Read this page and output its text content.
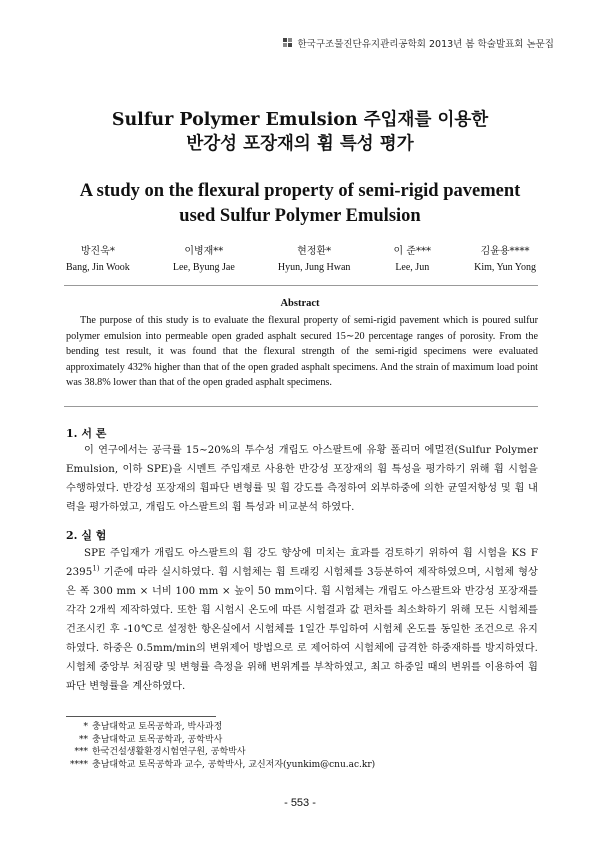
한국구조물진단유지관리공학회 2013년 봄 학술발표회 논문집
Sulfur Polymer Emulsion 주입재를 이용한
반강성 포장재의 휨 특성 평가
A study on the flexural property of semi-rigid pavement
used Sulfur Polymer Emulsion
방진욱*
Bang, Jin Wook
이병재**
Lee, Byung Jae
현정환*
Hyun, Jung Hwan
이 준***
Lee, Jun
김윤용****
Kim, Yun Yong
Abstract

The purpose of this study is to evaluate the flexural property of semi-rigid pavement which is poured sulfur polymer emulsion into permeable open graded asphalt secured 15∼20 percentage ranges of porosity. From the bending test result, it was found that the flexural strength of the semi-rigid specimens were evaluated approximately 432% higher than that of the open graded asphalt specimens. And the strain of maximum load point was 38.8% lower than that of the open graded asphalt specimens.

1. 서 론

이 연구에서는 공극률 15∼20%의 투수성 개립도 아스팔트에 유황 폴리머 에멀젼(Sulfur Polymer Emulsion, 이하 SPE)을 시멘트 주입재로 사용한 반강성 포장재의 휨 특성을 평가하기 위해 휨 시험을 수행하였다. 반강성 포장재의 휨파단 변형률 및 휨 강도를 측정하여 외부하중에 의한 균열저항성 및 휨 내력을 평가하였고, 개립도 아스팔트의 휨 특성과 비교분석 하였다.

2. 실 험

SPE 주입재가 개립도 아스팔트의 휨 강도 향상에 미치는 효과를 검토하기 위하여 휨 시험을 KS F 2395$^{1)}$ 기준에 따라 실시하였다. 휨 시험체는 휨 트래킹 시험체를 3등분하여 제작하였으며, 시험체 형상은 폭 300 mm × 너비 100 mm × 높이 50 mm이다. 휨 시험체는 개립도 아스팔트와 반강성 포장재를 각각 2개씩 제작하였다. 또한 휨 시험시 온도에 따른 시험결과 값 편차를 최소화하기 위해 모든 시험체를 건조시킨 후 -10℃로 설정한 항온실에서 시험체를 1일간 투입하여 시험체 온도를 동일한 조건으로 유지하였다. 하중은 0.5mm/min의 변위제어 방법으로 로 제어하여 시험체에 급격한 하중재하를 방지하였다. 시험체 중앙부 처짐량 및 변형률 측정을 위해 변위계를 부착하였고, 최고 하중일 때의 변위를 이용하여 휨파단 변형률을 계산하였다.

* 충남대학교 토목공학과, 박사과정
** 충남대학교 토목공학과, 공학박사
*** 한국건설생활환경시험연구원, 공학박사
**** 충남대학교 토목공학과 교수, 공학박사, 교신저자(yunkim@cnu.ac.kr)
- 553 -
